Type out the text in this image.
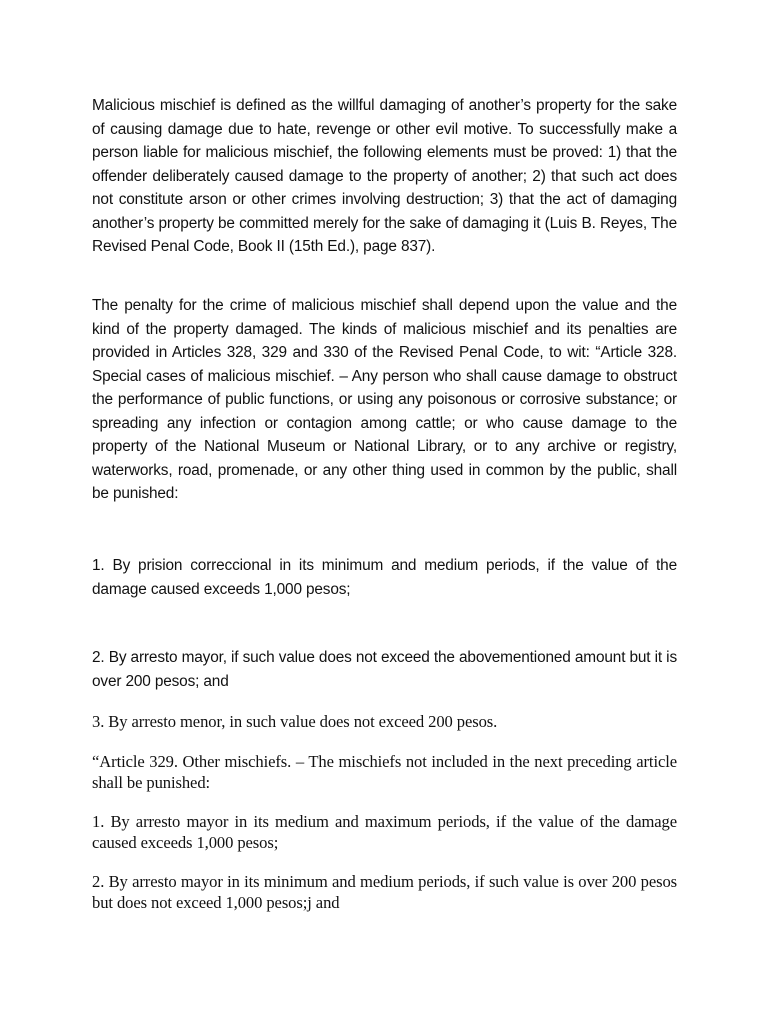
Malicious mischief is defined as the willful damaging of another’s property for the sake of causing damage due to hate, revenge or other evil motive. To successfully make a person liable for malicious mischief, the following elements must be proved: 1) that the offender deliberately caused damage to the property of another; 2) that such act does not constitute arson or other crimes involving destruction; 3) that the act of damaging another’s property be committed merely for the sake of damaging it (Luis B. Reyes, The Revised Penal Code, Book II (15th Ed.), page 837).

The penalty for the crime of malicious mischief shall depend upon the value and the kind of the property damaged. The kinds of malicious mischief and its penalties are provided in Articles 328, 329 and 330 of the Revised Penal Code, to wit: “Article 328. Special cases of malicious mischief. – Any person who shall cause damage to obstruct the performance of public functions, or using any poisonous or corrosive substance; or spreading any infection or contagion among cattle; or who cause damage to the property of the National Museum or National Library, or to any archive or registry, waterworks, road, promenade, or any other thing used in common by the public, shall be punished:

1. By prision correccional in its minimum and medium periods, if the value of the damage caused exceeds 1,000 pesos;

2. By arresto mayor, if such value does not exceed the abovementioned amount but it is over 200 pesos; and

3. By arresto menor, in such value does not exceed 200 pesos.

“Article 329. Other mischiefs. – The mischiefs not included in the next preceding article shall be punished:

1. By arresto mayor in its medium and maximum periods, if the value of the damage caused exceeds 1,000 pesos;

2. By arresto mayor in its minimum and medium periods, if such value is over 200 pesos but does not exceed 1,000 pesos;j and
